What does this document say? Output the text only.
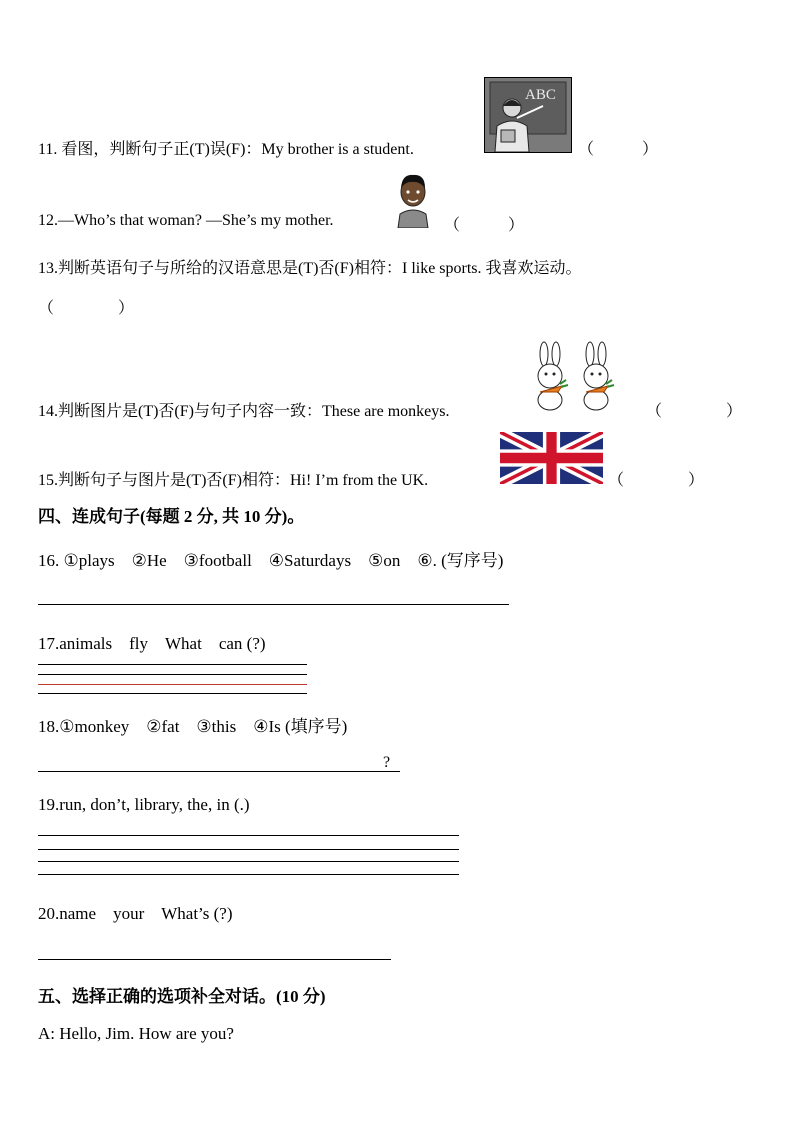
11. 看图，判断句子正(T)误(F)：My brother is a student.
ABC
（　　　）
12.—Who’s that woman? —She’s my mother.	（　　　）
13.判断英语句子与所给的汉语意思是(T)否(F)相符：I like sports. 我喜欢运动。
（　　　　）
14.判断图片是(T)否(F)与句子内容一致：These are monkeys.	（　　　　）
15.判断句子与图片是(T)否(F)相符：Hi! I’m from the UK.	（　　　　）
四、连成句子(每题 2 分, 共 10 分)。
16. ①plays　②He　③football　④Saturdays　⑤on　⑥. (写序号)
17.animals　fly　What　can (?)
18.①monkey　②fat　③this　④Is (填序号)
?
19.run, don’t, library, the, in (.)
20.name　your　What’s (?)
五、选择正确的选项补全对话。(10 分)
A: Hello, Jim. How are you?
